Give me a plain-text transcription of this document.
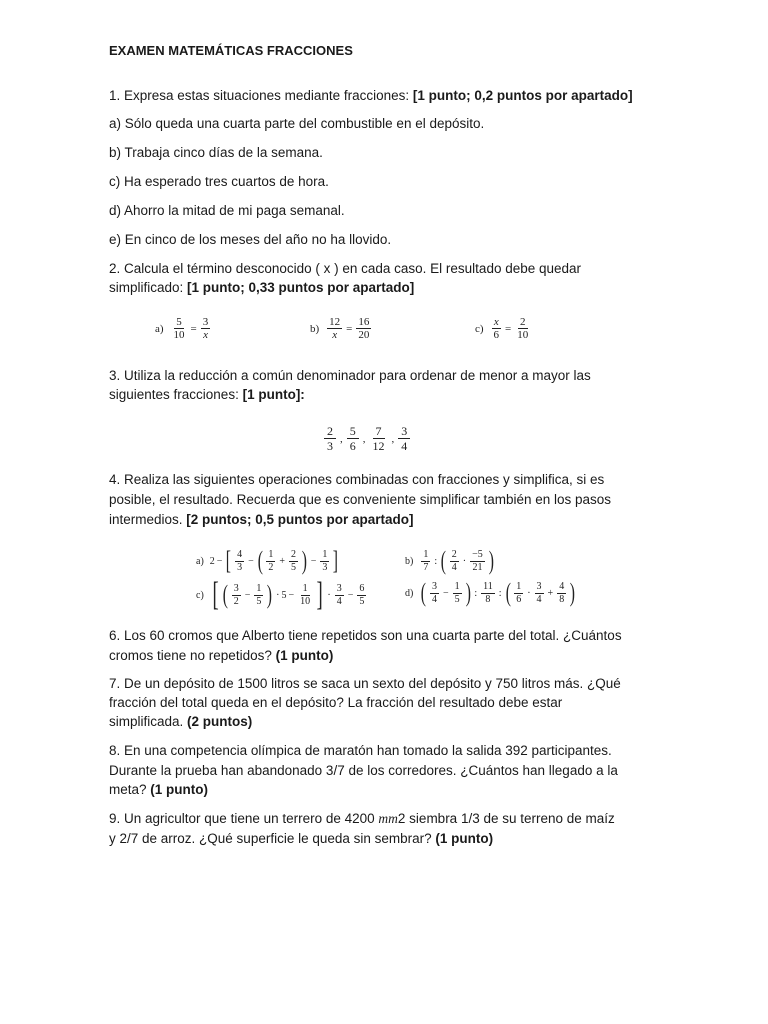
EXAMEN MATEMÁTICAS FRACCIONES
1. Expresa estas situaciones mediante fracciones: [1 punto; 0,2 puntos por apartado]
a) Sólo queda una cuarta parte del combustible en el depósito.
b) Trabaja cinco días de la semana.
c) Ha esperado tres cuartos de hora.
d) Ahorro la mitad de mi paga semanal.
e) En cinco de los meses del año no ha llovido.
2. Calcula el término desconocido ( x ) en cada caso. El resultado debe quedar
simplificado: [1 punto; 0,33 puntos por apartado]
$a) \frac{5}{10} = \frac{3}{x}$	$b) \frac{12}{x} = \frac{16}{20}$	$c) \frac{x}{6} = \frac{2}{10}$
3. Utiliza la reducción a común denominador para ordenar de menor a mayor las
siguientes fracciones: [1 punto]:
$\frac{2}{3}$ , $\frac{5}{6}$ , $\frac{7}{12}$ , $\frac{3}{4}$
4. Realiza las siguientes operaciones combinadas con fracciones y simplifica, si es
posible, el resultado. Recuerda que es conveniente simplificar también en los pasos
intermedios. [2 puntos; 0,5 puntos por apartado]
a) 2 − [ $\frac{4}{3}$ − ( $\frac{1}{2} + \frac{2}{5}$ ) − $\frac{1}{3}$ ]	$b) \frac{1}{7}$ : ( $\frac{2}{4} \cdot \frac{-5}{21}$ )
c) [ ( $\frac{3}{2} - \frac{1}{5}$ ) · $5 - \frac{1}{10}$ ] · $\frac{3}{4} - \frac{6}{5}$	d) ( $\frac{3}{4} - \frac{1}{5}$ ) : $\frac{11}{8}$ : ( $\frac{1}{6} \cdot \frac{3}{4} + \frac{4}{8}$ )
6. Los 60 cromos que Alberto tiene repetidos son una cuarta parte del total. ¿Cuántos
cromos tiene no repetidos? (1 punto)
7. De un depósito de 1500 litros se saca un sexto del depósito y 750 litros más. ¿Qué
fracción del total queda en el depósito? La fracción del resultado debe estar
simplificada. (2 puntos)
8. En una competencia olímpica de maratón han tomado la salida 392 participantes.
Durante la prueba han abandonado 3/7 de los corredores. ¿Cuántos han llegado a la
meta? (1 punto)
9. Un agricultor que tiene un terrero de 4200 mm2 siembra 1/3 de su terreno de maíz
y 2/7 de arroz. ¿Qué superficie le queda sin sembrar? (1 punto)
